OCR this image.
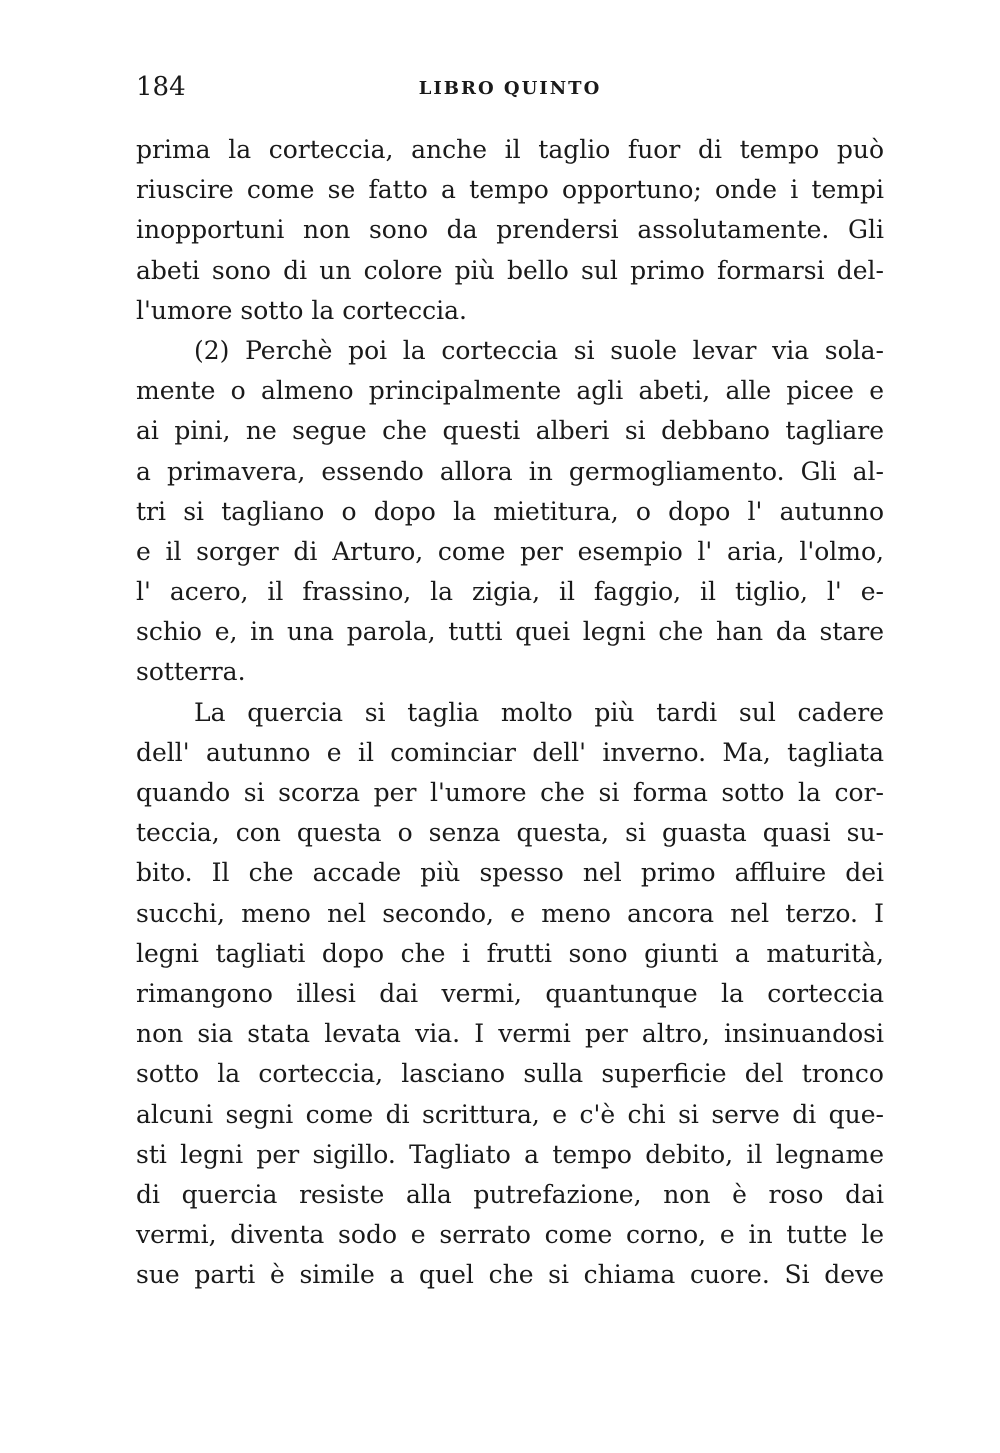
184	LIBRO QUINTO
prima la corteccia, anche il taglio fuor di tempo può
riuscire come se fatto a tempo opportuno; onde i tempi
inopportuni non sono da prendersi assolutamente. Gli
abeti sono di un colore più bello sul primo formarsi del-
l'umore sotto la corteccia.
(2) Perchè poi la corteccia si suole levar via sola-
mente o almeno principalmente agli abeti, alle picee e
ai pini, ne segue che questi alberi si debbano tagliare
a primavera, essendo allora in germogliamento. Gli al-
tri si tagliano o dopo la mietitura, o dopo l' autunno
e il sorger di Arturo, come per esempio l' aria, l'olmo,
l' acero, il frassino, la zigia, il faggio, il tiglio, l' e-
schio e, in una parola, tutti quei legni che han da stare
sotterra.
La quercia si taglia molto più tardi sul cadere
dell' autunno e il cominciar dell' inverno. Ma, tagliata
quando si scorza per l'umore che si forma sotto la cor-
teccia, con questa o senza questa, si guasta quasi su-
bito. Il che accade più spesso nel primo affluire dei
succhi, meno nel secondo, e meno ancora nel terzo. I
legni tagliati dopo che i frutti sono giunti a maturità,
rimangono illesi dai vermi, quantunque la corteccia
non sia stata levata via. I vermi per altro, insinuandosi
sotto la corteccia, lasciano sulla superficie del tronco
alcuni segni come di scrittura, e c'è chi si serve di que-
sti legni per sigillo. Tagliato a tempo debito, il legname
di quercia resiste alla putrefazione, non è roso dai
vermi, diventa sodo e serrato come corno, e in tutte le
sue parti è simile a quel che si chiama cuore. Si deve
